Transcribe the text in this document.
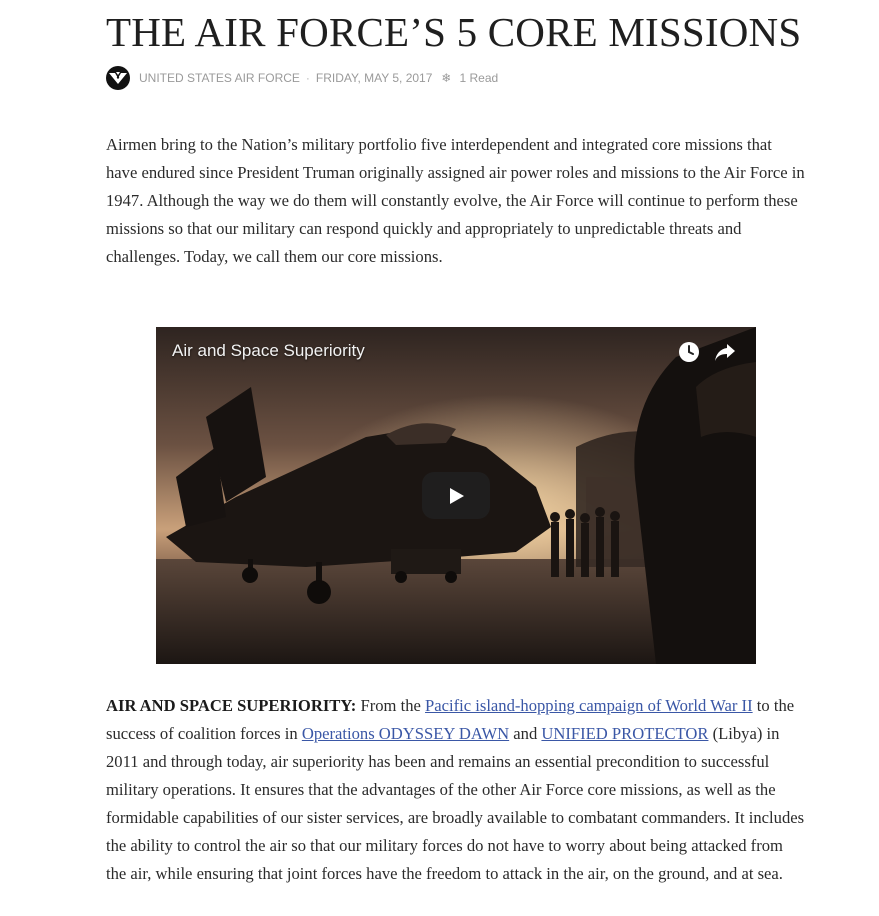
THE AIR FORCE’S 5 CORE MISSIONS
UNITED STATES AIR FORCE · FRIDAY, MAY 5, 2017 ❄ 1 Read

Airmen bring to the Nation’s military portfolio five interdependent and integrated core missions that have endured since President Truman originally assigned air power roles and missions to the Air Force in 1947. Although the way we do them will constantly evolve, the Air Force will continue to perform these missions so that our military can respond quickly and appropriately to unpredictable threats and challenges. Today, we call them our core missions.

Air and Space Superiority

AIR AND SPACE SUPERIORITY: From the Pacific island-hopping campaign of World War II to the success of coalition forces in Operations ODYSSEY DAWN and UNIFIED PROTECTOR (Libya) in 2011 and through today, air superiority has been and remains an essential precondition to successful military operations. It ensures that the advantages of the other Air Force core missions, as well as the formidable capabilities of our sister services, are broadly available to combatant commanders. It includes the ability to control the air so that our military forces do not have to worry about being attacked from the air, while ensuring that joint forces have the freedom to attack in the air, on the ground, and at sea.
